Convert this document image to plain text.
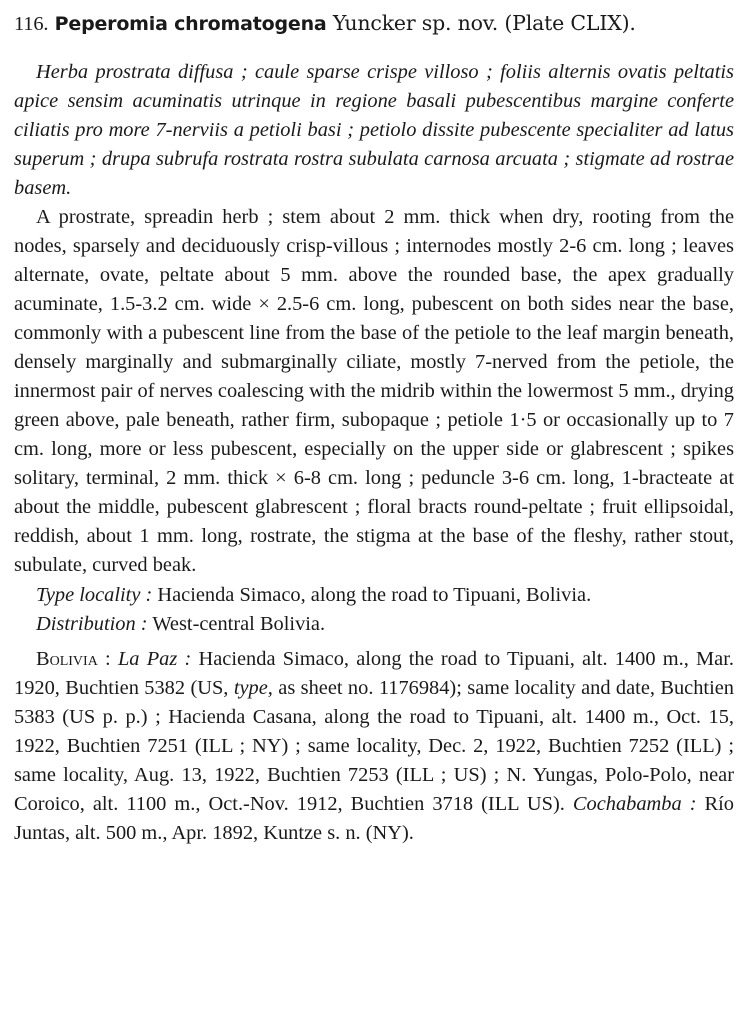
116. Peperomia chromatogena Yuncker sp. nov. (Plate CLIX).

Herba prostrata diffusa ; caule sparse crispe villoso ; foliis alternis ovatis peltatis apice sensim acuminatis utrinque in regione basali pubescentibus margine conferte ciliatis pro more 7-nerviis a petioli basi ; petiolo dissite pubescente specialiter ad latus superum ; drupa subrufa rostrata rostra subulata carnosa arcuata ; stigmate ad rostrae basem.

A prostrate, spreadin herb ; stem about 2 mm. thick when dry, rooting from the nodes, sparsely and deciduously crisp-villous ; internodes mostly 2-6 cm. long ; leaves alternate, ovate, peltate about 5 mm. above the rounded base, the apex gradually acuminate, 1.5-3.2 cm. wide × 2.5-6 cm. long, pubescent on both sides near the base, commonly with a pubescent line from the base of the petiole to the leaf margin beneath, densely marginally and submarginally ciliate, mostly 7-nerved from the petiole, the innermost pair of nerves coalescing with the midrib within the lowermost 5 mm., drying green above, pale beneath, rather firm, subopaque ; petiole 1·5 or occasionally up to 7 cm. long, more or less pubescent, especially on the upper side or glabrescent ; spikes solitary, terminal, 2 mm. thick × 6-8 cm. long ; peduncle 3-6 cm. long, 1-bracteate at about the middle, pubescent glabrescent ; floral bracts round-peltate ; fruit ellipsoidal, reddish, about 1 mm. long, rostrate, the stigma at the base of the fleshy, rather stout, subulate, curved beak.

Type locality : Hacienda Simaco, along the road to Tipuani, Bolivia.

Distribution : West-central Bolivia.

Bolivia : La Paz : Hacienda Simaco, along the road to Tipuani, alt. 1400 m., Mar. 1920, Buchtien 5382 (US, type, as sheet no. 1176984); same locality and date, Buchtien 5383 (US p. p.) ; Hacienda Casana, along the road to Tipuani, alt. 1400 m., Oct. 15, 1922, Buchtien 7251 (ILL ; NY) ; same locality, Dec. 2, 1922, Buchtien 7252 (ILL) ; same locality, Aug. 13, 1922, Buchtien 7253 (ILL ; US) ; N. Yungas, Polo-Polo, near Coroico, alt. 1100 m., Oct.-Nov. 1912, Buchtien 3718 (ILL US). Cochabamba : Río Juntas, alt. 500 m., Apr. 1892, Kuntze s. n. (NY).
